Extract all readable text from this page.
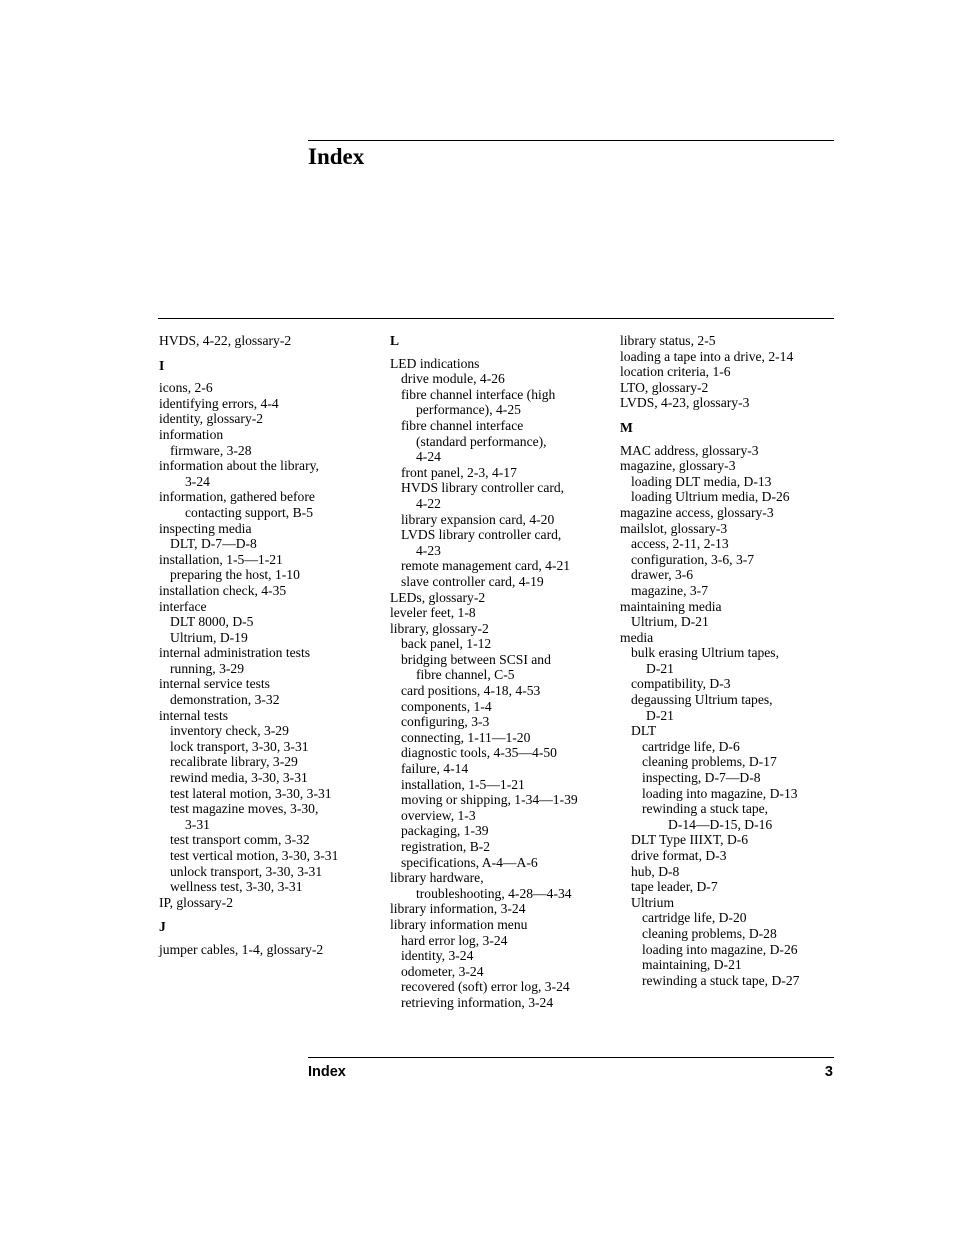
Index
HVDS, 4-22, glossary-2
I
icons, 2-6
identifying errors, 4-4
identity, glossary-2
information
firmware, 3-28
information about the library,
3-24
information, gathered before
contacting support, B-5
inspecting media
DLT, D-7—D-8
installation, 1-5—1-21
preparing the host, 1-10
installation check, 4-35
interface
DLT 8000, D-5
Ultrium, D-19
internal administration tests
running, 3-29
internal service tests
demonstration, 3-32
internal tests
inventory check, 3-29
lock transport, 3-30, 3-31
recalibrate library, 3-29
rewind media, 3-30, 3-31
test lateral motion, 3-30, 3-31
test magazine moves, 3-30,
3-31
test transport comm, 3-32
test vertical motion, 3-30, 3-31
unlock transport, 3-30, 3-31
wellness test, 3-30, 3-31
IP, glossary-2
J
jumper cables, 1-4, glossary-2
L
LED indications
drive module, 4-26
fibre channel interface (high
performance), 4-25
fibre channel interface
(standard performance),
4-24
front panel, 2-3, 4-17
HVDS library controller card,
4-22
library expansion card, 4-20
LVDS library controller card,
4-23
remote management card, 4-21
slave controller card, 4-19
LEDs, glossary-2
leveler feet, 1-8
library, glossary-2
back panel, 1-12
bridging between SCSI and
fibre channel, C-5
card positions, 4-18, 4-53
components, 1-4
configuring, 3-3
connecting, 1-11—1-20
diagnostic tools, 4-35—4-50
failure, 4-14
installation, 1-5—1-21
moving or shipping, 1-34—1-39
overview, 1-3
packaging, 1-39
registration, B-2
specifications, A-4—A-6
library hardware,
troubleshooting, 4-28—4-34
library information, 3-24
library information menu
hard error log, 3-24
identity, 3-24
odometer, 3-24
recovered (soft) error log, 3-24
retrieving information, 3-24
library status, 2-5
loading a tape into a drive, 2-14
location criteria, 1-6
LTO, glossary-2
LVDS, 4-23, glossary-3
M
MAC address, glossary-3
magazine, glossary-3
loading DLT media, D-13
loading Ultrium media, D-26
magazine access, glossary-3
mailslot, glossary-3
access, 2-11, 2-13
configuration, 3-6, 3-7
drawer, 3-6
magazine, 3-7
maintaining media
Ultrium, D-21
media
bulk erasing Ultrium tapes,
D-21
compatibility, D-3
degaussing Ultrium tapes,
D-21
DLT
cartridge life, D-6
cleaning problems, D-17
inspecting, D-7—D-8
loading into magazine, D-13
rewinding a stuck tape,
D-14—D-15, D-16
DLT Type IIIXT, D-6
drive format, D-3
hub, D-8
tape leader, D-7
Ultrium
cartridge life, D-20
cleaning problems, D-28
loading into magazine, D-26
maintaining, D-21
rewinding a stuck tape, D-27
Index	3
